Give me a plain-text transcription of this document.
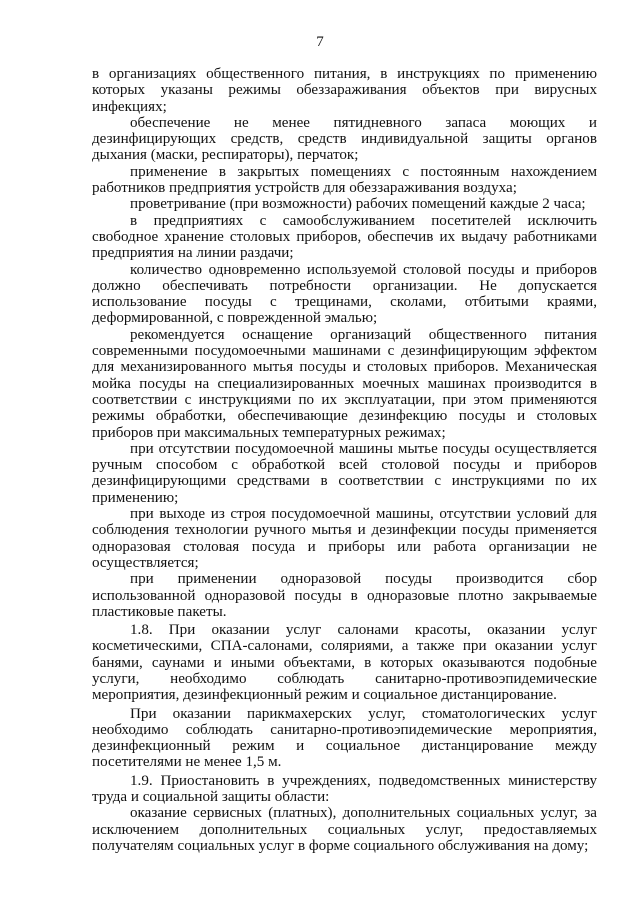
7

в организациях общественного питания, в инструкциях по применению которых указаны режимы обеззараживания объектов при вирусных инфекциях;

обеспечение не менее пятидневного запаса моющих и дезинфицирующих средств, средств индивидуальной защиты органов дыхания (маски, респираторы), перчаток;

применение в закрытых помещениях с постоянным нахождением работников предприятия устройств для обеззараживания воздуха;

проветривание (при возможности) рабочих помещений каждые 2 часа;

в предприятиях с самообслуживанием посетителей исключить свободное хранение столовых приборов, обеспечив их выдачу работниками предприятия на линии раздачи;

количество одновременно используемой столовой посуды и приборов должно обеспечивать потребности организации. Не допускается использование посуды с трещинами, сколами, отбитыми краями, деформированной, с поврежденной эмалью;

рекомендуется оснащение организаций общественного питания современными посудомоечными машинами с дезинфицирующим эффектом для механизированного мытья посуды и столовых приборов. Механическая мойка посуды на специализированных моечных машинах производится в соответствии с инструкциями по их эксплуатации, при этом применяются режимы обработки, обеспечивающие дезинфекцию посуды и столовых приборов при максимальных температурных режимах;

при отсутствии посудомоечной машины мытье посуды осуществляется ручным способом с обработкой всей столовой посуды и приборов дезинфицирующими средствами в соответствии с инструкциями по их применению;

при выходе из строя посудомоечной машины, отсутствии условий для соблюдения технологии ручного мытья и дезинфекции посуды применяется одноразовая столовая посуда и приборы или работа организации не осуществляется;

при применении одноразовой посуды производится сбор использованной одноразовой посуды в одноразовые плотно закрываемые пластиковые пакеты.

1.8. При оказании услуг салонами красоты, оказании услуг косметическими, СПА-салонами, соляриями, а также при оказании услуг банями, саунами и иными объектами, в которых оказываются подобные услуги, необходимо соблюдать санитарно-противоэпидемические мероприятия, дезинфекционный режим и социальное дистанцирование.

При оказании парикмахерских услуг, стоматологических услуг необходимо соблюдать санитарно-противоэпидемические мероприятия, дезинфекционный режим и социальное дистанцирование между посетителями не менее 1,5 м.

1.9. Приостановить в учреждениях, подведомственных министерству труда и социальной защиты области:

оказание сервисных (платных), дополнительных социальных услуг, за исключением дополнительных социальных услуг, предоставляемых получателям социальных услуг в форме социального обслуживания на дому;
